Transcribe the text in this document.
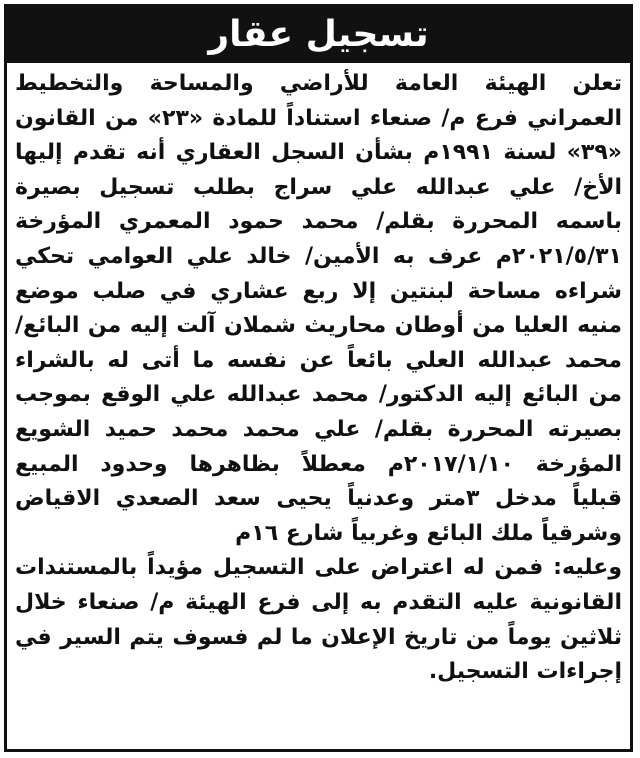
تسجيل عقار
تعلن الهيئة العامة للأراضي والمساحة والتخطيط
العمراني فرع م/ صنعاء استناداً للمادة «٢٣» من القانون
«٣٩» لسنة ١٩٩١م بشأن السجل العقاري أنه تقدم إليها
الأخ/ علي عبدالله علي سراج بطلب تسجيل بصيرة
باسمه المحررة بقلم/ محمد حمود المعمري المؤرخة
٢٠٢١/٥/٣١م عرف به الأمين/ خالد علي العوامي تحكي
شراءه مساحة لبنتين إلا ربع عشاري في صلب موضع
منيه العليا من أوطان محاريث شملان آلت إليه من البائع/
محمد عبدالله العلي بائعاً عن نفسه ما أتى له بالشراء
من البائع إليه الدكتور/ محمد عبدالله علي الوقع بموجب
بصيرته المحررة بقلم/ علي محمد محمد حميد الشويع
المؤرخة ٢٠١٧/١/١٠م معطلاً بظاهرها وحدود المبيع
قبلياً مدخل ٣متر وعدنياً يحيى سعد الصعدي الاقياض
وشرقياً ملك البائع وغربياً شارع ١٦م
وعليه: فمن له اعتراض على التسجيل مؤيداً بالمستندات
القانونية عليه التقدم به إلى فرع الهيئة م/ صنعاء خلال
ثلاثين يوماً من تاريخ الإعلان ما لم فسوف يتم السير في
إجراءات التسجيل.
